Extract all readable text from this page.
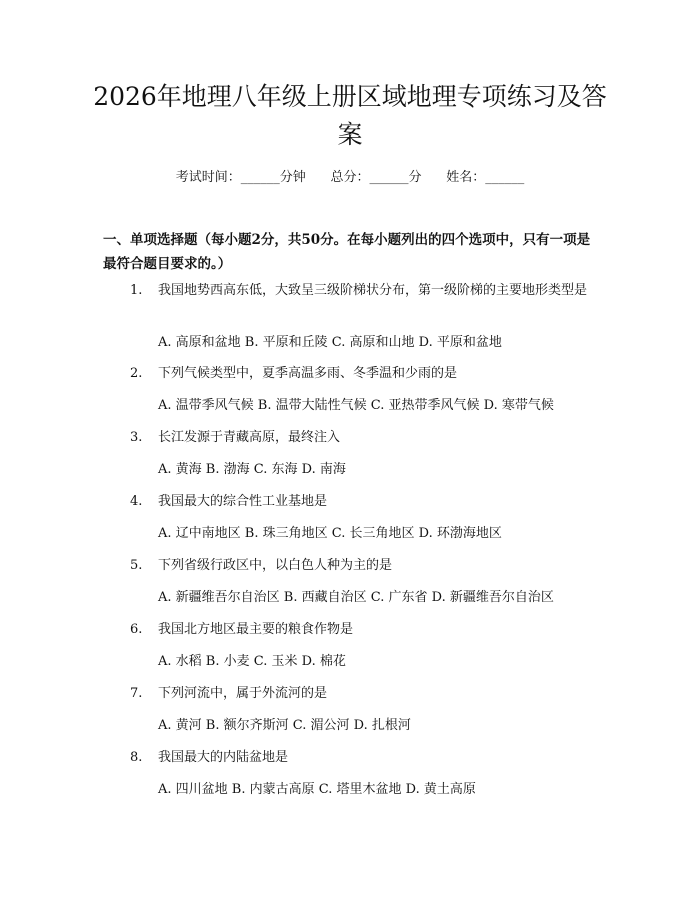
2026年地理八年级上册区域地理专项练习及答案
考试时间：______分钟      总分：______分      姓名：______
一、单项选择题（每小题2分，共50分。在每小题列出的四个选项中，只有一项是最符合题目要求的。）
1. 我国地势西高东低，大致呈三级阶梯状分布，第一级阶梯的主要地形类型是
A. 高原和盆地 B. 平原和丘陵 C. 高原和山地 D. 平原和盆地
2. 下列气候类型中，夏季高温多雨、冬季温和少雨的是
A. 温带季风气候 B. 温带大陆性气候 C. 亚热带季风气候 D. 寒带气候
3. 长江发源于青藏高原，最终注入
A. 黄海 B. 渤海 C. 东海 D. 南海
4. 我国最大的综合性工业基地是
A. 辽中南地区 B. 珠三角地区 C. 长三角地区 D. 环渤海地区
5. 下列省级行政区中，以白色人种为主的是
A. 新疆维吾尔自治区 B. 西藏自治区 C. 广东省 D. 新疆维吾尔自治区
6. 我国北方地区最主要的粮食作物是
A. 水稻 B. 小麦 C. 玉米 D. 棉花
7. 下列河流中，属于外流河的是
A. 黄河 B. 额尔齐斯河 C. 湄公河 D. 扎根河
8. 我国最大的内陆盆地是
A. 四川盆地 B. 内蒙古高原 C. 塔里木盆地 D. 黄土高原
